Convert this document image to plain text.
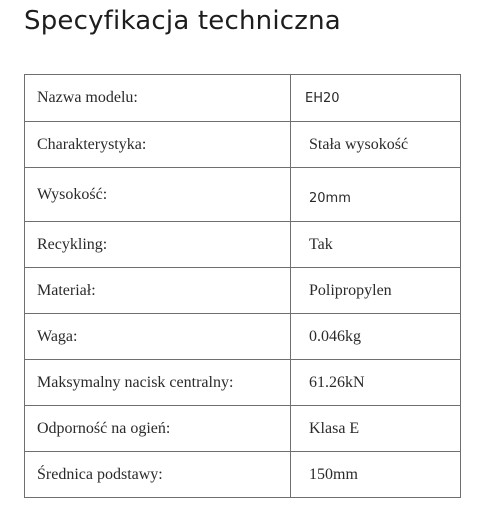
Specyfikacja techniczna
Nazwa modelu:	EH20
Charakterystyka:	Stała wysokość
Wysokość:	20mm
Recykling:	Tak
Materiał:	Polipropylen
Waga:	0.046kg
Maksymalny nacisk centralny:	61.26kN
Odporność na ogień:	Klasa E
Średnica podstawy:	150mm
